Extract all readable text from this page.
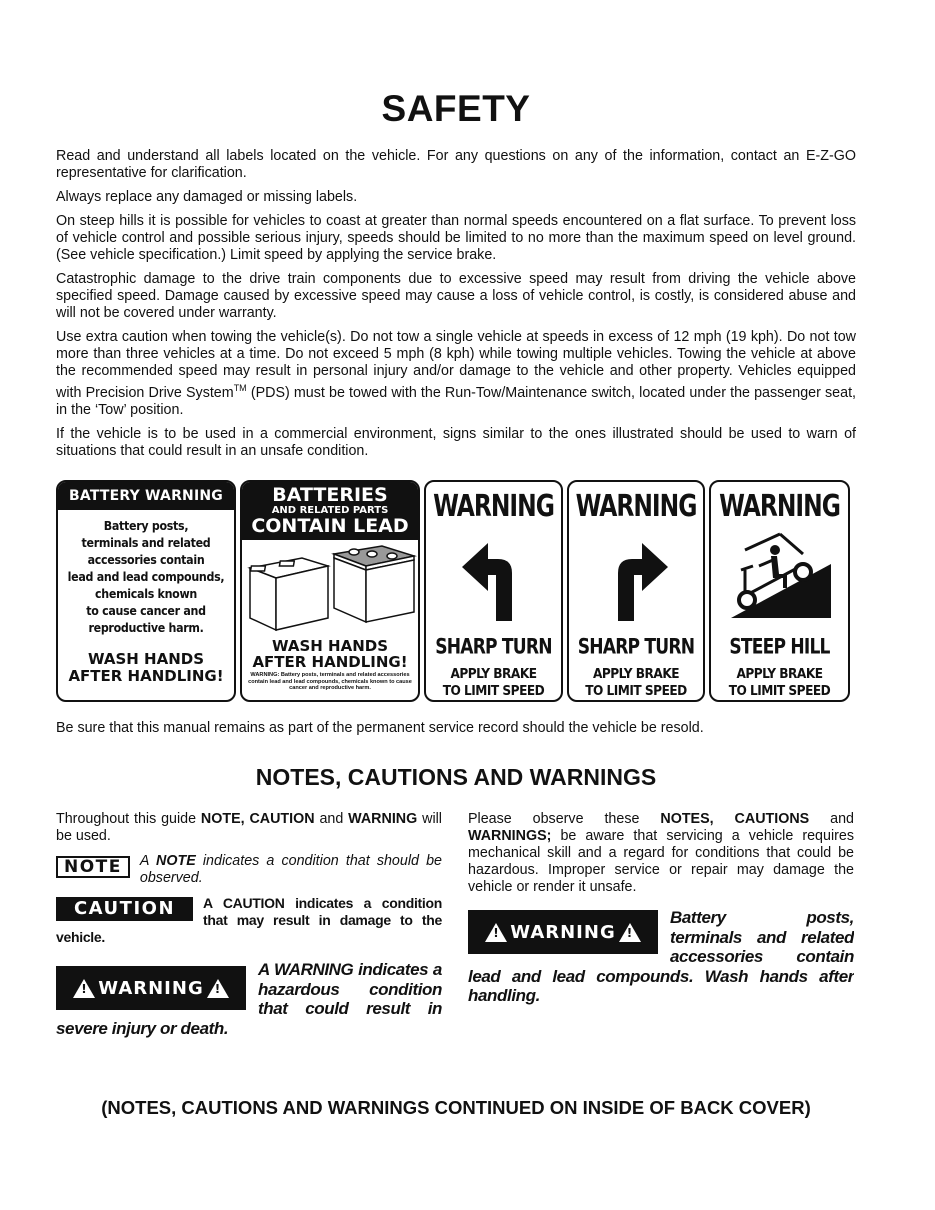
SAFETY

Read and understand all labels located on the vehicle. For any questions on any of the information, contact an E-Z-GO representative for clarification.

Always replace any damaged or missing labels.

On steep hills it is possible for vehicles to coast at greater than normal speeds encountered on a flat surface. To prevent loss of vehicle control and possible serious injury, speeds should be limited to no more than the maximum speed on level ground. (See vehicle specification.) Limit speed by applying the service brake.

Catastrophic damage to the drive train components due to excessive speed may result from driving the vehicle above specified speed. Damage caused by excessive speed may cause a loss of vehicle control, is costly, is considered abuse and will not be covered under warranty.

Use extra caution when towing the vehicle(s). Do not tow a single vehicle at speeds in excess of 12 mph (19 kph). Do not tow more than three vehicles at a time. Do not exceed 5 mph (8 kph) while towing multiple vehicles. Towing the vehicle at above the recommended speed may result in personal injury and/or damage to the vehicle and other property. Vehicles equipped with Precision Drive System™ (PDS) must be towed with the Run-Tow/Maintenance switch, located under the passenger seat, in the ‘Tow’ position.

If the vehicle is to be used in a commercial environment, signs similar to the ones illustrated should be used to warn of situations that could result in an unsafe condition.

BATTERY WARNING
Battery posts,
terminals and related
accessories contain
lead and lead compounds,
chemicals known
to cause cancer and
reproductive harm.
WASH HANDS
AFTER HANDLING!
BATTERIES
AND RELATED PARTS
CONTAIN LEAD
WASH HANDS
AFTER HANDLING!
WARNING: Battery posts, terminals and related accessories contain lead and lead compounds, chemicals known to cause cancer and reproductive harm.
WARNING
SHARP TURN
APPLY BRAKE
TO LIMIT SPEED
WARNING
SHARP TURN
APPLY BRAKE
TO LIMIT SPEED
WARNING
STEEP HILL
APPLY BRAKE
TO LIMIT SPEED

Be sure that this manual remains as part of the permanent service record should the vehicle be resold.

NOTES, CAUTIONS AND WARNINGS

Throughout this guide NOTE, CAUTION and WARNING will be used.

NOTE	A NOTE indicates a condition that should be observed.

CAUTION	A CAUTION indicates a condition that may result in damage to the vehicle.

!
WARNING
!

A WARNING indicates a hazardous condition that could result in severe injury or death.

Please observe these NOTES, CAUTIONS and WARNINGS; be aware that servicing a vehicle requires mechanical skill and a regard for conditions that could be hazardous. Improper service or repair may damage the vehicle or render it unsafe.

!
WARNING
!

Battery posts, terminals and related accessories contain lead and lead compounds. Wash hands after handling.

(NOTES, CAUTIONS AND WARNINGS CONTINUED ON INSIDE OF BACK COVER)
